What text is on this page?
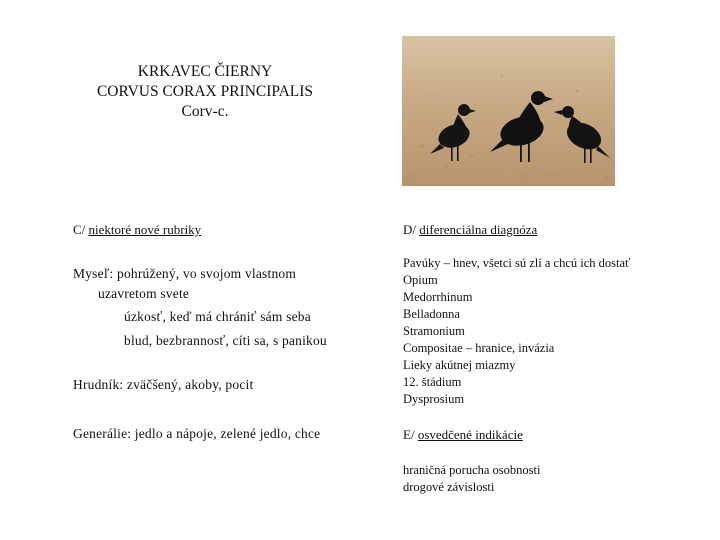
KRKAVEC ČIERNY
CORVUS CORAX PRINCIPALIS
Corv-c.
C/ niektoré nové rubriky	D/ diferenciálna diagnóza
Myseľ: pohrúžený, vo svojom vlastnom
uzavretom svete
úzkosť, keď má chrániť sám seba
blud, bezbrannosť, cíti sa, s panikou
Hrudník: zväčšený, akoby, pocit
Generálie: jedlo a nápoje, zelené jedlo, chce
Pavúky – hnev, všetci sú zlí a chcú ich dostať
Opium
Medorrhinum
Belladonna
Stramonium
Compositae – hranice, invázia
Lieky akútnej miazmy
12. štádium
Dysprosium
E/ osvedčené indikácie
hraničná porucha osobnosti
drogové závislosti
